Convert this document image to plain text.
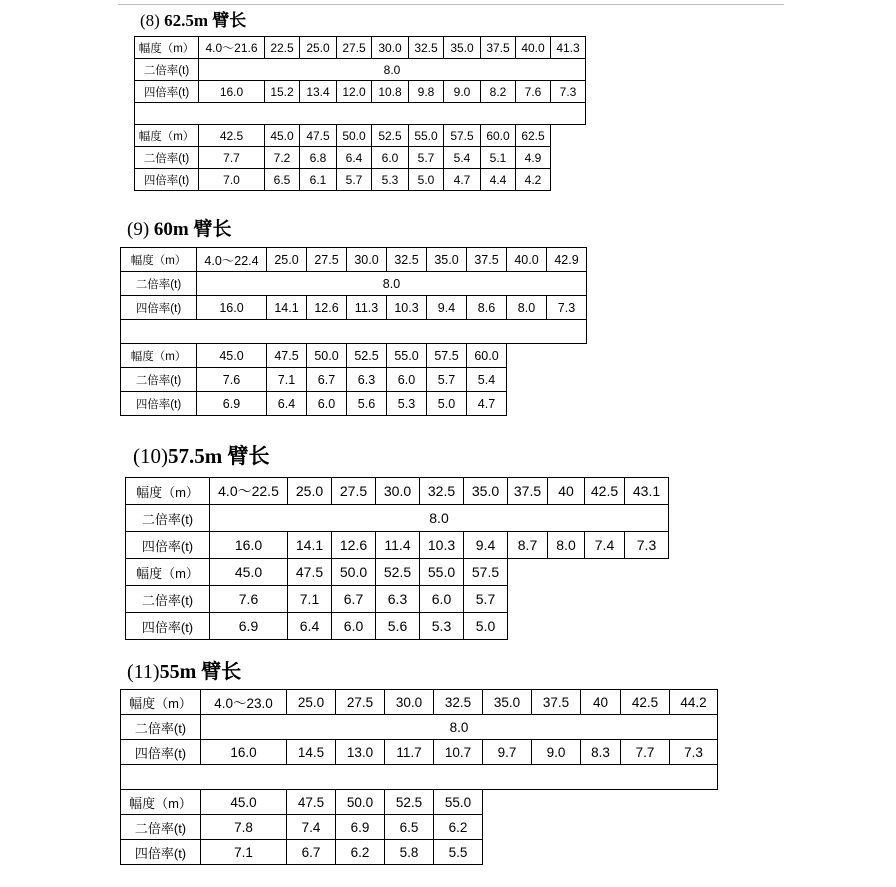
(8) 62.5m 臂长
幅度（m）	4.0～21.6	22.5	25.0	27.5	30.0	32.5	35.0	37.5	40.0	41.3
二倍率(t)	8.0									
四倍率(t)	16.0	15.2	13.4	12.0	10.8	9.8	9.0	8.2	7.6	7.3

幅度（m）	42.5	45.0	47.5	50.0	52.5	55.0	57.5	60.0	62.5	
二倍率(t)	7.7	7.2	6.8	6.4	6.0	5.7	5.4	5.1	4.9	
四倍率(t)	7.0	6.5	6.1	5.7	5.3	5.0	4.7	4.4	4.2	
(9) 60m 臂长
幅度（m）	4.0～22.4	25.0	27.5	30.0	32.5	35.0	37.5	40.0	42.9
二倍率(t)	8.0								
四倍率(t)	16.0	14.1	12.6	11.3	10.3	9.4	8.6	8.0	7.3

幅度（m）	45.0	47.5	50.0	52.5	55.0	57.5	60.0		
二倍率(t)	7.6	7.1	6.7	6.3	6.0	5.7	5.4		
四倍率(t)	6.9	6.4	6.0	5.6	5.3	5.0	4.7		
(10)57.5m 臂长
幅度（m）	4.0～22.5	25.0	27.5	30.0	32.5	35.0	37.5	40	42.5	43.1
二倍率(t)	8.0									
四倍率(t)	16.0	14.1	12.6	11.4	10.3	9.4	8.7	8.0	7.4	7.3
幅度（m）	45.0	47.5	50.0	52.5	55.0	57.5				
二倍率(t)	7.6	7.1	6.7	6.3	6.0	5.7				
四倍率(t)	6.9	6.4	6.0	5.6	5.3	5.0				
(11)55m 臂长
幅度（m）	4.0～23.0	25.0	27.5	30.0	32.5	35.0	37.5	40	42.5	44.2
二倍率(t)	8.0									
四倍率(t)	16.0	14.5	13.0	11.7	10.7	9.7	9.0	8.3	7.7	7.3

幅度（m）	45.0	47.5	50.0	52.5	55.0					
二倍率(t)	7.8	7.4	6.9	6.5	6.2					
四倍率(t)	7.1	6.7	6.2	5.8	5.5					
